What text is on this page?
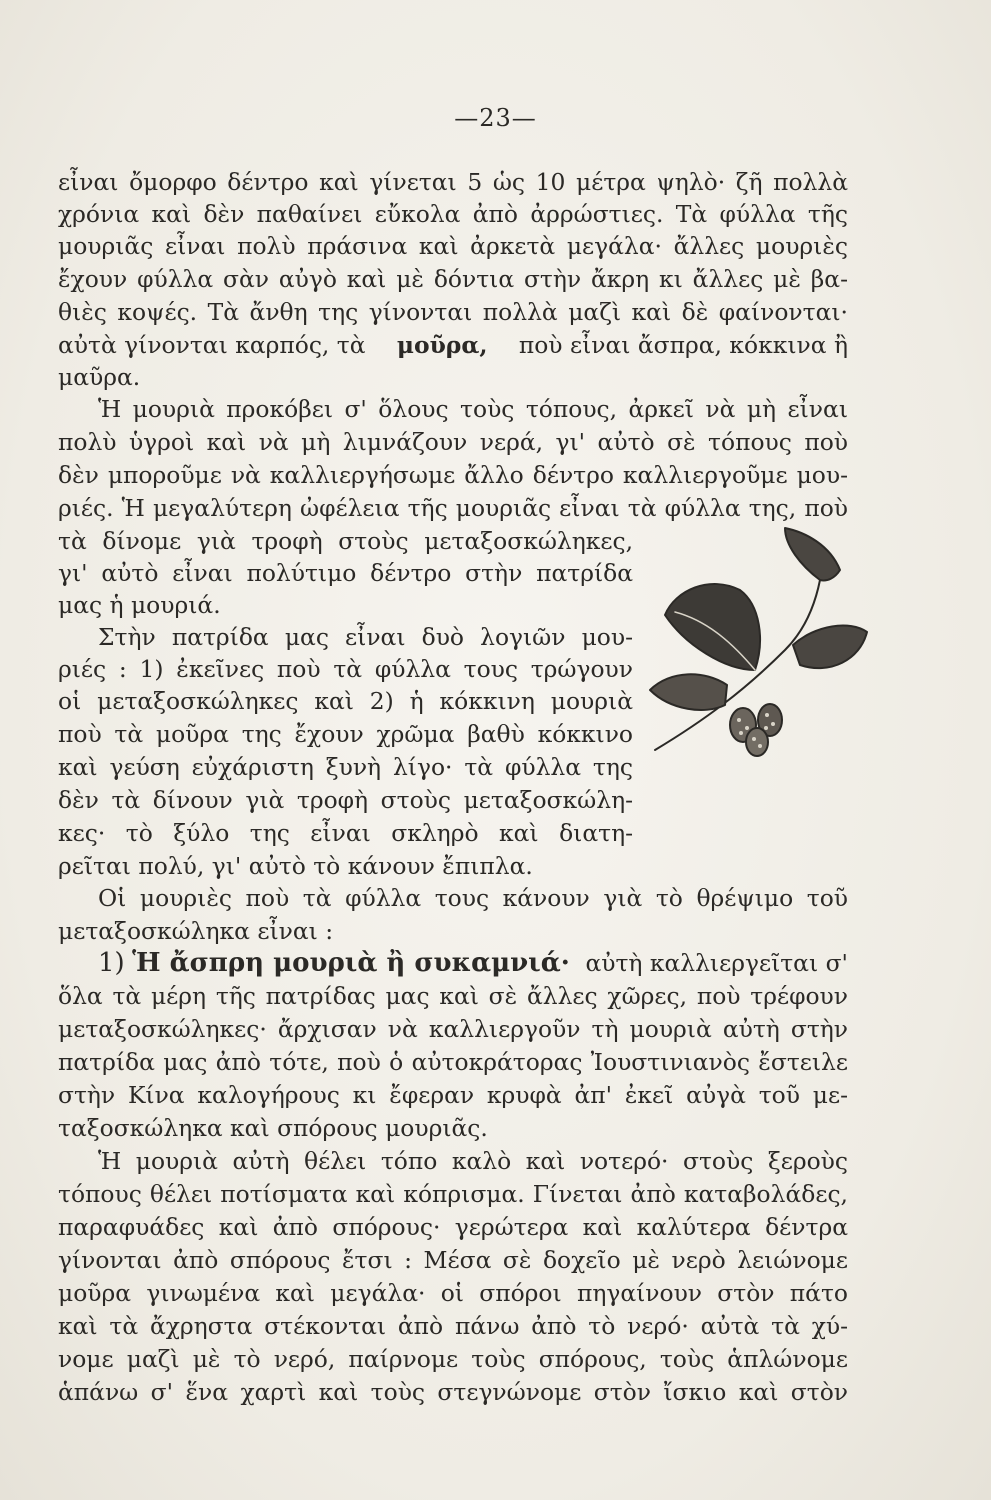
—23—
εἶναι ὄμορφο δέντρο καὶ γίνεται 5 ὡς 10 μέτρα ψηλὸ· ζῆ πολλὰ
χρόνια καὶ δὲν παθαίνει εὔκολα ἀπὸ ἀρρώστιες. Τὰ φύλλα τῆς
μουριᾶς εἶναι πολὺ πράσινα καὶ ἀρκετὰ μεγάλα· ἄλλες μουριὲς
ἔχουν φύλλα σὰν αὐγὸ καὶ μὲ δόντια στὴν ἄκρη κι ἄλλες μὲ βα-
θιὲς κοψές. Τὰ ἄνθη της γίνονται πολλὰ μαζὶ καὶ δὲ φαίνονται·
αὐτὰ γίνονται καρπός, τὰ μοῦρα, ποὺ εἶναι ἄσπρα, κόκκινα ἢ
μαῦρα.
Ἡ μουριὰ προκόβει σ' ὅλους τοὺς τόπους, ἀρκεῖ νὰ μὴ εἶναι
πολὺ ὑγροὶ καὶ νὰ μὴ λιμνάζουν νερά, γι' αὐτὸ σὲ τόπους ποὺ
δὲν μποροῦμε νὰ καλλιεργήσωμε ἄλλο δέντρο καλλιεργοῦμε μου-
ριές. Ἡ μεγαλύτερη ὠφέλεια τῆς μουριᾶς εἶναι τὰ φύλλα της, ποὺ
τὰ δίνομε γιὰ τροφὴ στοὺς μεταξοσκώληκες,
γι' αὐτὸ εἶναι πολύτιμο δέντρο στὴν πατρίδα
μας ἡ μουριά.
Στὴν πατρίδα μας εἶναι δυὸ λογιῶν μου-
ριές : 1) ἐκεῖνες ποὺ τὰ φύλλα τους τρώγουν
οἱ μεταξοσκώληκες καὶ 2) ἡ κόκκινη μουριὰ
ποὺ τὰ μοῦρα της ἔχουν χρῶμα βαθὺ κόκκινο
καὶ γεύση εὐχάριστη ξυνὴ λίγο· τὰ φύλλα της
δὲν τὰ δίνουν γιὰ τροφὴ στοὺς μεταξοσκώλη-
κες· τὸ ξύλο της εἶναι σκληρὸ καὶ διατη-
ρεῖται πολύ, γι' αὐτὸ τὸ κάνουν ἔπιπλα.
Οἱ μουριὲς ποὺ τὰ φύλλα τους κάνουν γιὰ τὸ θρέψιμο τοῦ
μεταξοσκώληκα εἶναι :
1) Ἡ ἄσπρη μουριὰ ἢ συκαμνιά· αὐτὴ καλλιεργεῖται σ'
ὅλα τὰ μέρη τῆς πατρίδας μας καὶ σὲ ἄλλες χῶρες, ποὺ τρέφουν
μεταξοσκώληκες· ἄρχισαν νὰ καλλιεργοῦν τὴ μουριὰ αὐτὴ στὴν
πατρίδα μας ἀπὸ τότε, ποὺ ὁ αὐτοκράτορας Ἰουστινιανὸς ἔστειλε
στὴν Κίνα καλογήρους κι ἔφεραν κρυφὰ ἀπ' ἐκεῖ αὐγὰ τοῦ με-
ταξοσκώληκα καὶ σπόρους μουριᾶς.
Ἡ μουριὰ αὐτὴ θέλει τόπο καλὸ καὶ νοτερό· στοὺς ξεροὺς
τόπους θέλει ποτίσματα καὶ κόπρισμα. Γίνεται ἀπὸ καταβολάδες,
παραφυάδες καὶ ἀπὸ σπόρους· γερώτερα καὶ καλύτερα δέντρα
γίνονται ἀπὸ σπόρους ἔτσι : Μέσα σὲ δοχεῖο μὲ νερὸ λειώνομε
μοῦρα γινωμένα καὶ μεγάλα· οἱ σπόροι πηγαίνουν στὸν πάτο
καὶ τὰ ἄχρηστα στέκονται ἀπὸ πάνω ἀπὸ τὸ νερό· αὐτὰ τὰ χύ-
νομε μαζὶ μὲ τὸ νερό, παίρνομε τοὺς σπόρους, τοὺς ἁπλώνομε
ἁπάνω σ' ἕνα χαρτὶ καὶ τοὺς στεγνώνομε στὸν ἴσκιο καὶ στὸν
